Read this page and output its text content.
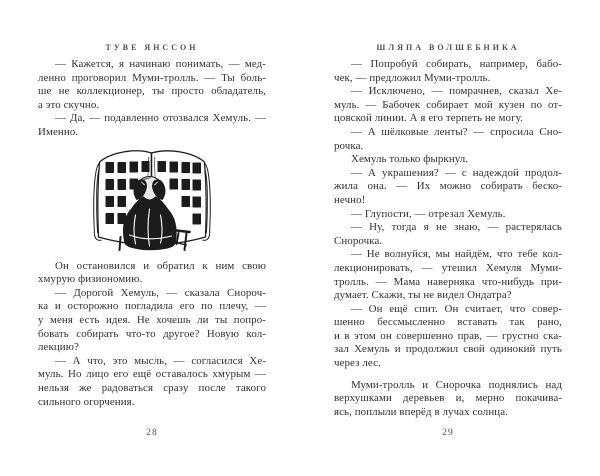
ТУВЕ ЯНССОН
— Кажется, я начинаю понимать, — мед-
ленно проговорил Муми-тролль. — Ты боль-
ше не коллекционер, ты просто обладатель,
а это скучно.
— Да, — подавленно отозвался Хемуль. —
Именно.
Он остановился и обратил к ним свою
хмурую физиономию.
— Дорогой Хемуль, — сказала Снороч-
ка и осторожно погладила его по плечу, —
у меня есть идея. Не хочешь ли ты попро-
бовать собирать что-то другое? Новую кол-
лекцию?
— А что, это мысль, — согласился Хе-
муль. Но лицо его ещё оставалось хмурым —
нельзя же радоваться сразу после такого
сильного огорчения.
28
ШЛЯПА ВОЛШЕБНИКА
— Попробуй собирать, например, бабо-
чек, — предложил Муми-тролль.
— Исключено, — помрачнев, сказал Хе-
муль. — Бабочек собирает мой кузен по от-
цовской линии. А я его терпеть не могу.
— А шёлковые ленты? — спросила Сно-
рочка.
Хемуль только фыркнул.
— А украшения? — с надеждой продол-
жила она. — Их можно собирать беско-
нечно!
— Глупости, — отрезал Хемуль.
— Ну, тогда я не знаю, — растерялась
Снорочка.
— Не волнуйся, мы найдём, что тебе кол-
лекционировать, — утешил Хемуля Муми-
тролль. — Мама наверняка что-нибудь при-
думает. Скажи, ты не видел Ондатра?
— Он ещё спит. Он считает, что совер-
шенно бессмысленно вставать так рано,
и в этом он совершенно прав, — грустно ска-
зал Хемуль и продолжил свой одинокий путь
через лес.
Муми-тролль и Снорочка поднялись над
верхушками деревьев и, мерно покачива-
ясь, поплыли вперёд в лучах солнца.
29
